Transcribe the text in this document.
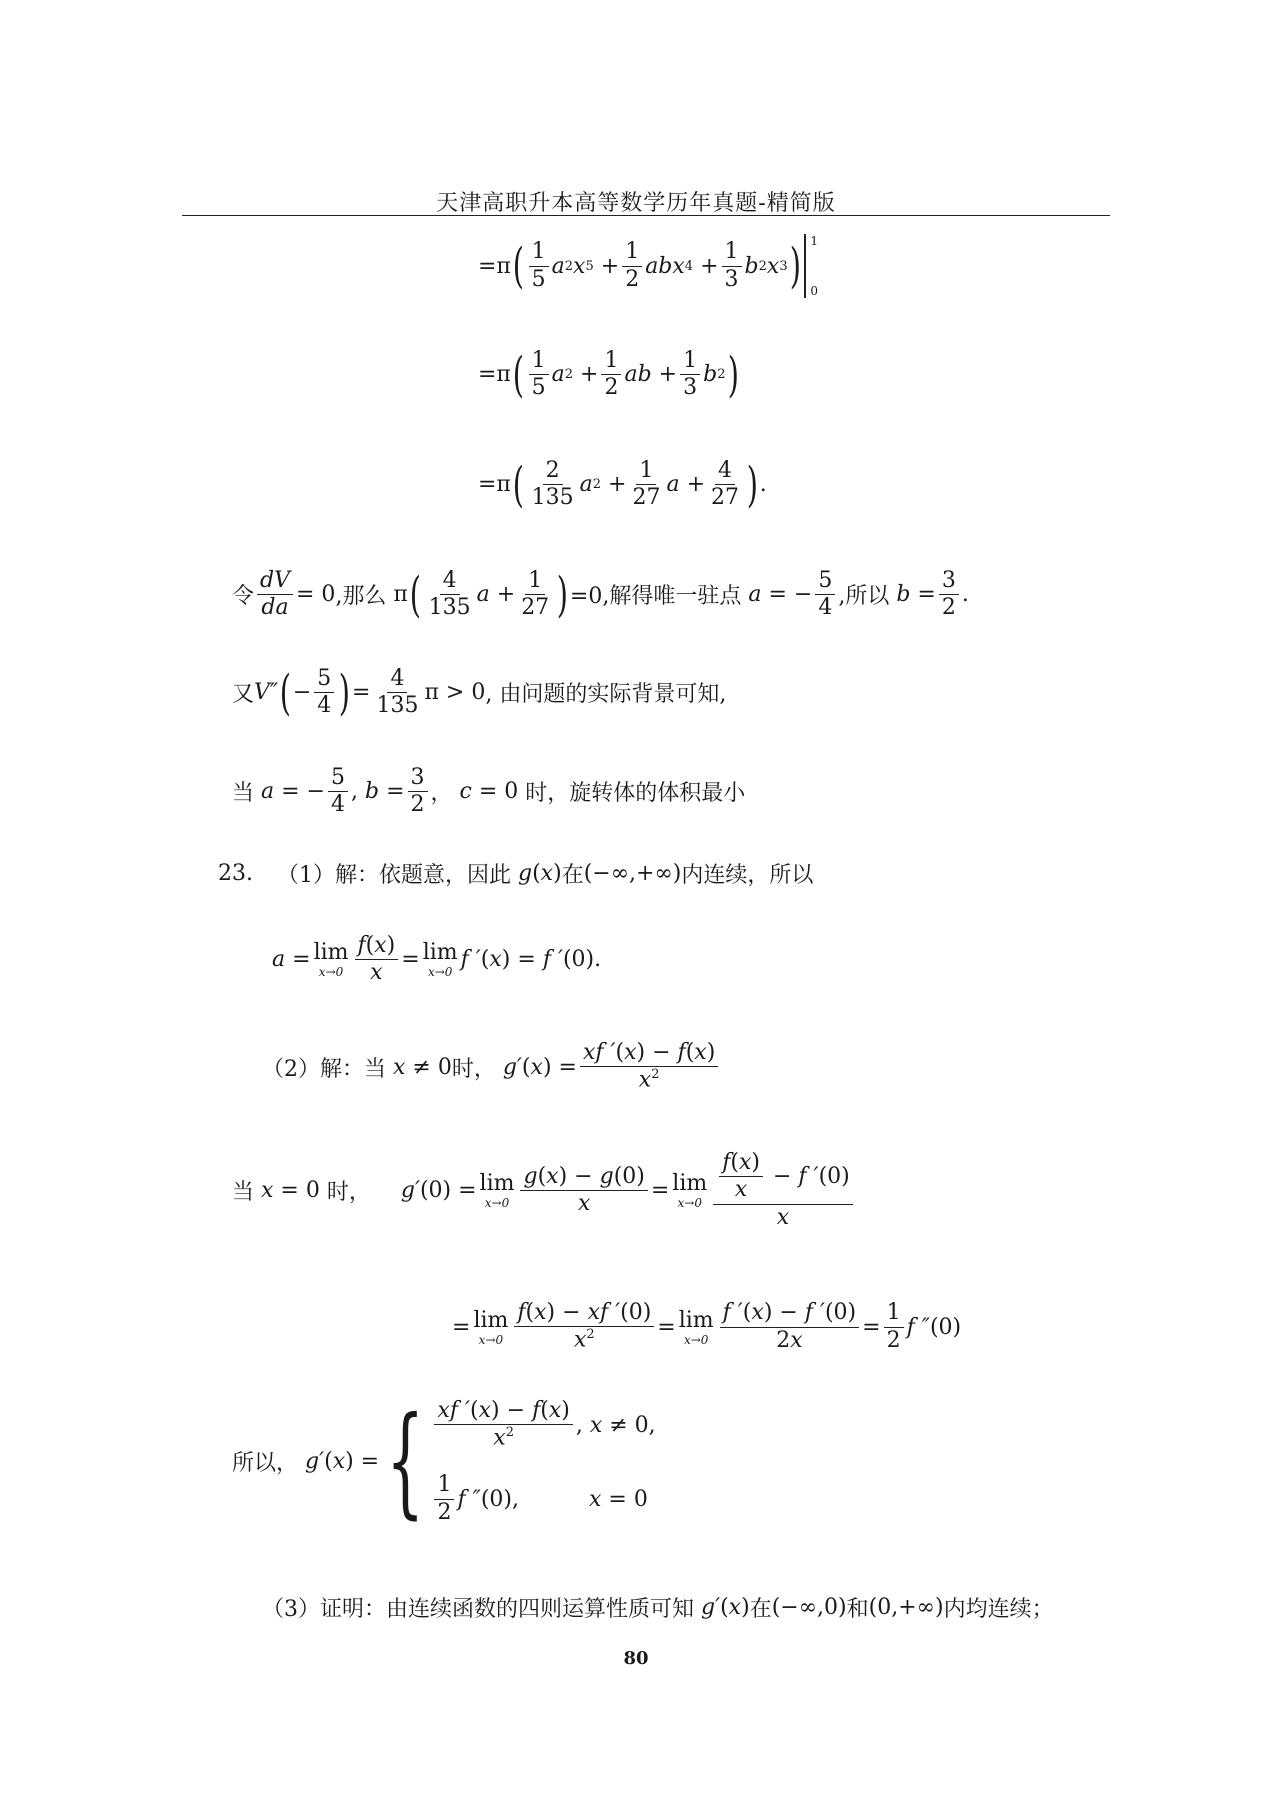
天津高职升本高等数学历年真题-精简版
=π ( $\frac{1}{5}$ a 2 x $5 + \frac{1}{2}$ abx $4 + \frac{1}{3}$ b 2 x 3 ) 1
0
=π ( $\frac{1}{5}$ a $2 + \frac{1}{2}$ ab + $\frac{1}{3}$ b 2 )
=π ( $\frac{2}{135}$ a $2 + \frac{1}{27}$ $a + \frac{4}{27}$ ) .
令 $\frac{dV}{da} = 0$ ,那么 π ( $\frac{4}{135}$ $a + \frac{1}{27}$ ) =0,解得唯一驻点 a = − $\frac{5}{4}$ ,所以 $b = \frac{3}{2}$ .
又 V″ ( − $\frac{5}{4}$ ) = $\frac{4}{135}$ π > 0 , 由问题的实际背景可知,
当 a = − $\frac{5}{4}$ , $b = \frac{3}{2}$ ， c = 0 时，旋转体的体积最小
23. （1）解：依题意，因此 g ( x ) 在 (−∞,+∞) 内连续，所以
a = lim
$x\to 0 \frac{f(x)}{x} = \lim$
x→0 f ′ ( x ) = f ′ (0).
（2）解：当 x ≠ 0 时， g′ ( x ) = $\frac{xf '(x) - f(x)}{x^2}$
当 x = 0 时， g′ (0) = lim
$x\to 0 \frac{g(x) - g(0)}{x} = \lim$
$x\to 0 \frac{\frac{f(x)}{x} - f '(0)}{x}$
= lim
$x\to 0 \frac{f(x) - xf '(0)}{x^2} = \lim$
$x\to 0 \frac{f '(x) - f '(0)}{2x} = \frac{1}{2}$ f ″ (0)
所以， g′ ( x ) = { $\frac{xf '(x) - f(x)}{x^2}$ , x ≠ 0,
$\frac{1}{2}$ f ″ (0),	x = 0
（3）证明：由连续函数的四则运算性质可知 g′ ( x ) 在 (−∞,0) 和 (0,+∞) 内均连续；
80
